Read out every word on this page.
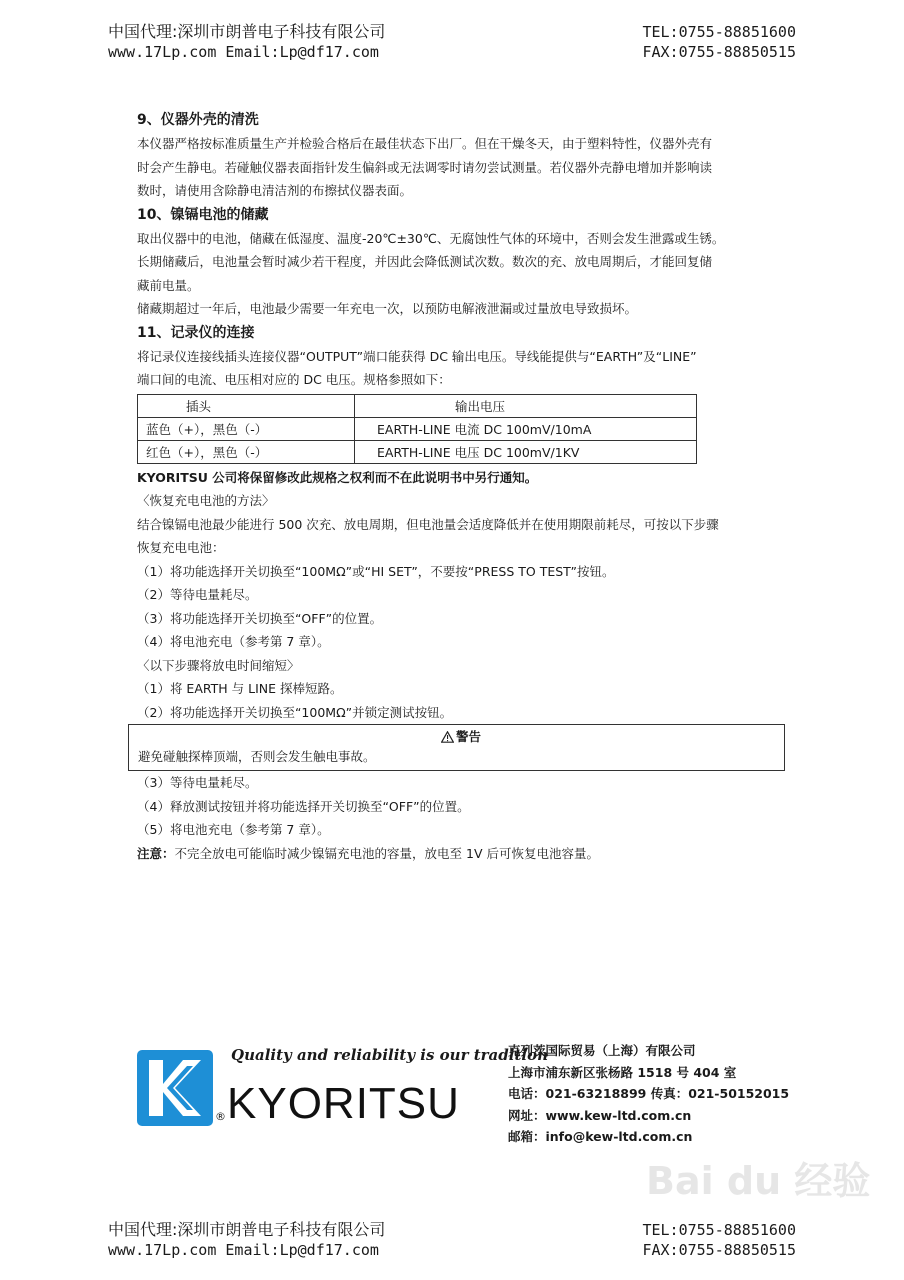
中国代理:深圳市朗普电子科技有限公司	TEL:0755-88851600
www.17Lp.com Email:Lp@df17.com	FAX:0755-88850515
9、仪器外壳的清洗
本仪器严格按标准质量生产并检验合格后在最佳状态下出厂。但在干燥冬天，由于塑料特性，仪器外壳有
时会产生静电。若碰触仪器表面指针发生偏斜或无法调零时请勿尝试测量。若仪器外壳静电增加并影响读
数时，请使用含除静电清洁剂的布擦拭仪器表面。
10、镍镉电池的储藏
取出仪器中的电池，储藏在低湿度、温度-20℃±30℃、无腐蚀性气体的环境中，否则会发生泄露或生锈。
长期储藏后，电池量会暂时减少若干程度，并因此会降低测试次数。数次的充、放电周期后，才能回复储
藏前电量。
储藏期超过一年后，电池最少需要一年充电一次，以预防电解液泄漏或过量放电导致损坏。
11、记录仪的连接
将记录仪连接线插头连接仪器“OUTPUT”端口能获得 DC 输出电压。导线能提供与“EARTH”及“LINE”
端口间的电流、电压相对应的 DC 电压。规格参照如下：
插头	输出电压
蓝色（+），黑色（-）	EARTH-LINE 电流 DC 100mV/10mA
红色（+），黑色（-）	EARTH-LINE 电压 DC 100mV/1KV
KYORITSU 公司将保留修改此规格之权利而不在此说明书中另行通知。
〈恢复充电电池的方法〉
结合镍镉电池最少能进行 500 次充、放电周期，但电池量会适度降低并在使用期限前耗尽，可按以下步骤
恢复充电电池：
（1）将功能选择开关切换至“100MΩ”或“HI SET”，不要按“PRESS TO TEST”按钮。
（2）等待电量耗尽。
（3）将功能选择开关切换至“OFF”的位置。
（4）将电池充电（参考第 7 章）。
〈以下步骤将放电时间缩短〉
（1）将 EARTH 与 LINE 探棒短路。
（2）将功能选择开关切换至“100MΩ”并锁定测试按钮。
警告
避免碰触探棒顶端，否则会发生触电事故。
（3）等待电量耗尽。
（4）释放测试按钮并将功能选择开关切换至“OFF”的位置。
（5）将电池充电（参考第 7 章）。
注意：不完全放电可能临时减少镍镉充电池的容量，放电至 1V 后可恢复电池容量。
®
Quality and reliability is our tradition
KYORITSU
克列茨国际贸易（上海）有限公司
上海市浦东新区张杨路 1518 号 404 室
电话：021-63218899 传真：021-50152015
网址：www.kew-ltd.com.cn
邮箱：info@kew-ltd.com.cn
Bai du 经验
中国代理:深圳市朗普电子科技有限公司	TEL:0755-88851600
www.17Lp.com Email:Lp@df17.com	FAX:0755-88850515
